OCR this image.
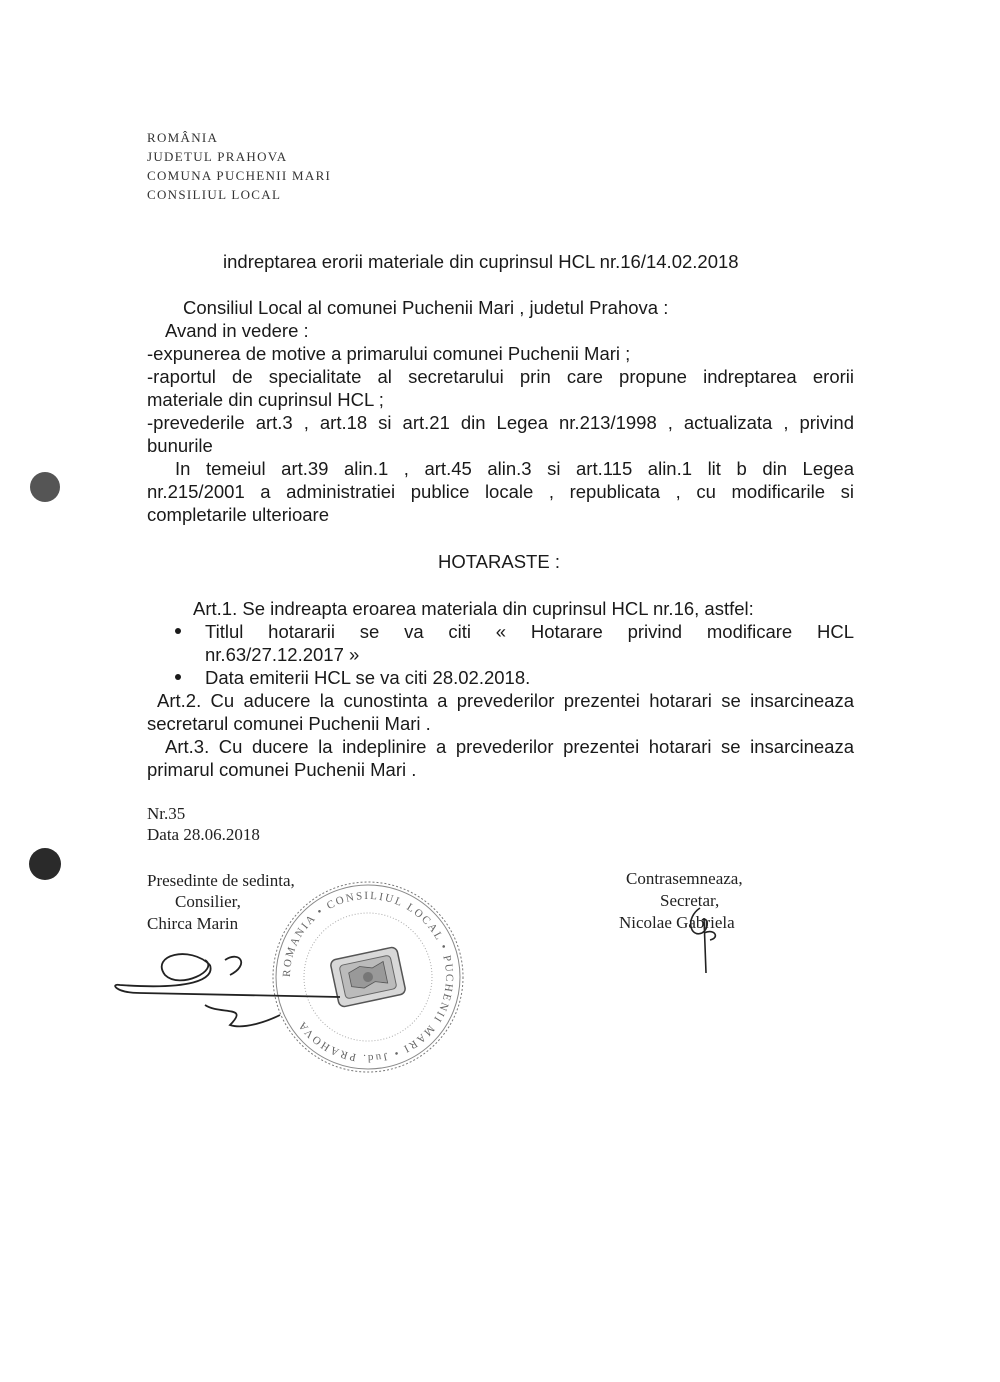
ROMÂNIA
JUDETUL PRAHOVA
COMUNA PUCHENII MARI
CONSILIUL LOCAL
indreptarea erorii materiale din cuprinsul HCL nr.16/14.02.2018
Consiliul Local al comunei Puchenii Mari , judetul Prahova :
Avand in vedere :
-expunerea de motive a primarului comunei Puchenii Mari ;
-raportul de specialitate al secretarului prin care propune indreptarea erorii
materiale din cuprinsul HCL ;
-prevederile art.3 , art.18 si art.21 din Legea nr.213/1998 , actualizata , privind
bunurile
In temeiul art.39 alin.1 , art.45 alin.3 si art.115 alin.1 lit b din Legea
nr.215/2001 a administratiei publice locale , republicata , cu modificarile si
completarile ulterioare
HOTARASTE :
Art.1. Se indreapta eroarea materiala din cuprinsul HCL nr.16, astfel:
Titlul hotararii se va citi « Hotarare privind modificare HCL
nr.63/27.12.2017 »
Data emiterii HCL se va citi 28.02.2018.
Art.2. Cu aducere la cunostinta a prevederilor prezentei hotarari se insarcineaza
secretarul comunei Puchenii Mari .
Art.3. Cu ducere la indeplinire a prevederilor prezentei hotarari se insarcineaza
primarul comunei Puchenii Mari .
Nr.35
Data 28.06.2018
Presedinte de sedinta,
Consilier,
Chirca Marin
Contrasemneaza,
Secretar,
Nicolae Gabriela
ROMANIA • CONSILIUL LOCAL • PUCHENII MARI • Jud. PRAHOVA
